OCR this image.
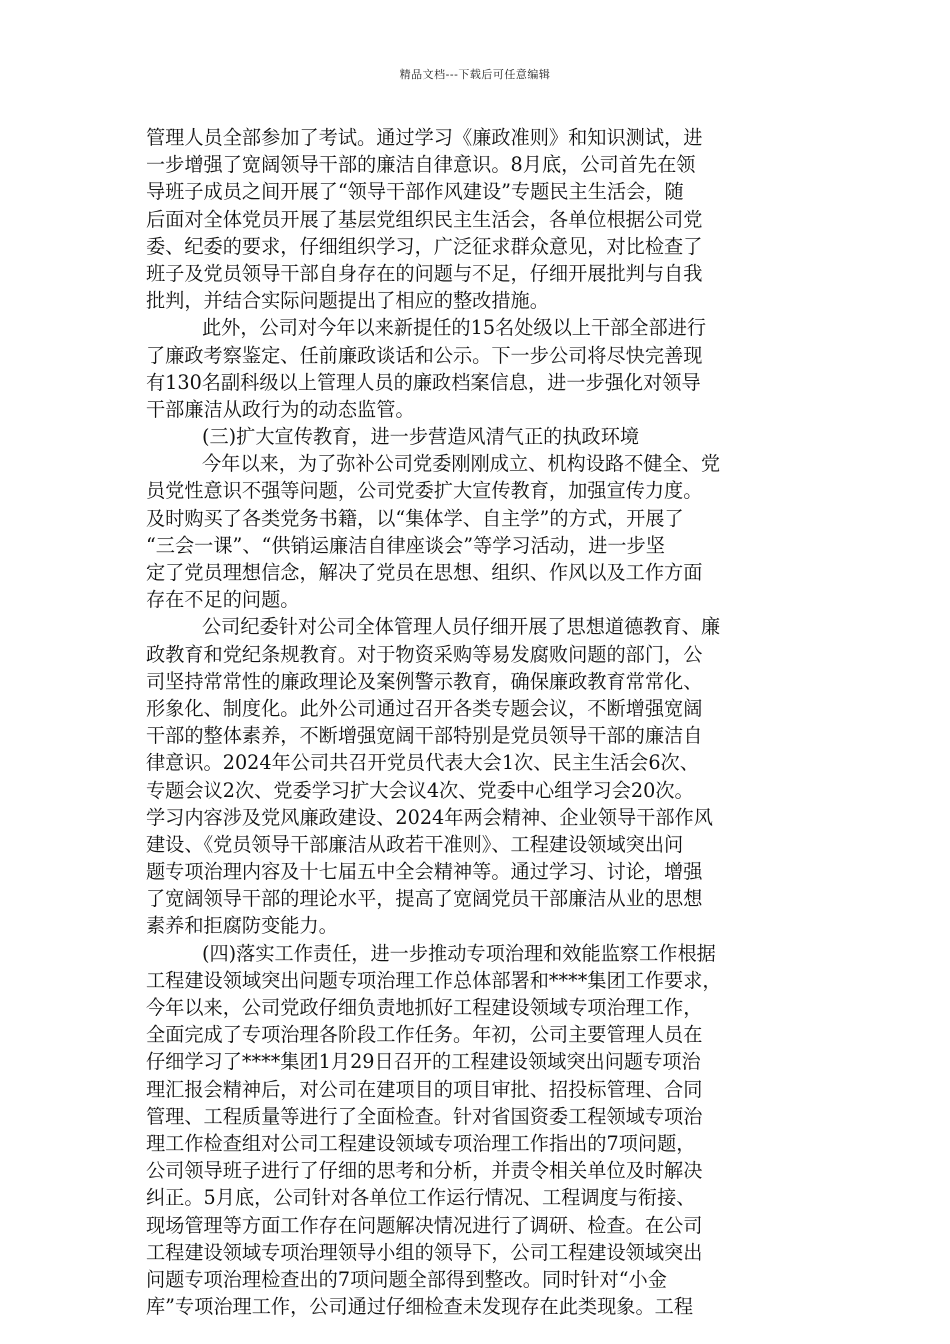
精品文档---下载后可任意编辑
管理人员全部参加了考试。通过学习《廉政准则》和知识测试，进
一步增强了宽阔领导干部的廉洁自律意识。8月底，公司首先在领
导班子成员之间开展了“领导干部作风建设”专题民主生活会，随
后面对全体党员开展了基层党组织民主生活会，各单位根据公司党
委、纪委的要求，仔细组织学习，广泛征求群众意见，对比检查了
班子及党员领导干部自身存在的问题与不足，仔细开展批判与自我
批判，并结合实际问题提出了相应的整改措施。
此外，公司对今年以来新提任的15名处级以上干部全部进行
了廉政考察鉴定、任前廉政谈话和公示。下一步公司将尽快完善现
有130名副科级以上管理人员的廉政档案信息，进一步强化对领导
干部廉洁从政行为的动态监管。
(三)扩大宣传教育，进一步营造风清气正的执政环境
今年以来，为了弥补公司党委刚刚成立、机构设路不健全、党
员党性意识不强等问题，公司党委扩大宣传教育，加强宣传力度。
及时购买了各类党务书籍，以“集体学、自主学”的方式，开展了
“三会一课”、“供销运廉洁自律座谈会”等学习活动，进一步坚
定了党员理想信念，解决了党员在思想、组织、作风以及工作方面
存在不足的问题。
公司纪委针对公司全体管理人员仔细开展了思想道德教育、廉
政教育和党纪条规教育。对于物资采购等易发腐败问题的部门，公
司坚持常常性的廉政理论及案例警示教育，确保廉政教育常常化、
形象化、制度化。此外公司通过召开各类专题会议，不断增强宽阔
干部的整体素养，不断增强宽阔干部特别是党员领导干部的廉洁自
律意识。2024年公司共召开党员代表大会1次、民主生活会6次、
专题会议2次、党委学习扩大会议4次、党委中心组学习会20次。
学习内容涉及党风廉政建设、2024年两会精神、企业领导干部作风
建设、《党员领导干部廉洁从政若干准则》、工程建设领域突出问
题专项治理内容及十七届五中全会精神等。通过学习、讨论，增强
了宽阔领导干部的理论水平，提高了宽阔党员干部廉洁从业的思想
素养和拒腐防变能力。
(四)落实工作责任，进一步推动专项治理和效能监察工作根据
工程建设领域突出问题专项治理工作总体部署和****集团工作要求，
今年以来，公司党政仔细负责地抓好工程建设领域专项治理工作，
全面完成了专项治理各阶段工作任务。年初，公司主要管理人员在
仔细学习了****集团1月29日召开的工程建设领域突出问题专项治
理汇报会精神后，对公司在建项目的项目审批、招投标管理、合同
管理、工程质量等进行了全面检查。针对省国资委工程领域专项治
理工作检查组对公司工程建设领域专项治理工作指出的7项问题，
公司领导班子进行了仔细的思考和分析，并责令相关单位及时解决
纠正。5月底，公司针对各单位工作运行情况、工程调度与衔接、
现场管理等方面工作存在问题解决情况进行了调研、检查。在公司
工程建设领域专项治理领导小组的领导下，公司工程建设领域突出
问题专项治理检查出的7项问题全部得到整改。同时针对“小金
库”专项治理工作，公司通过仔细检查未发现存在此类现象。工程
